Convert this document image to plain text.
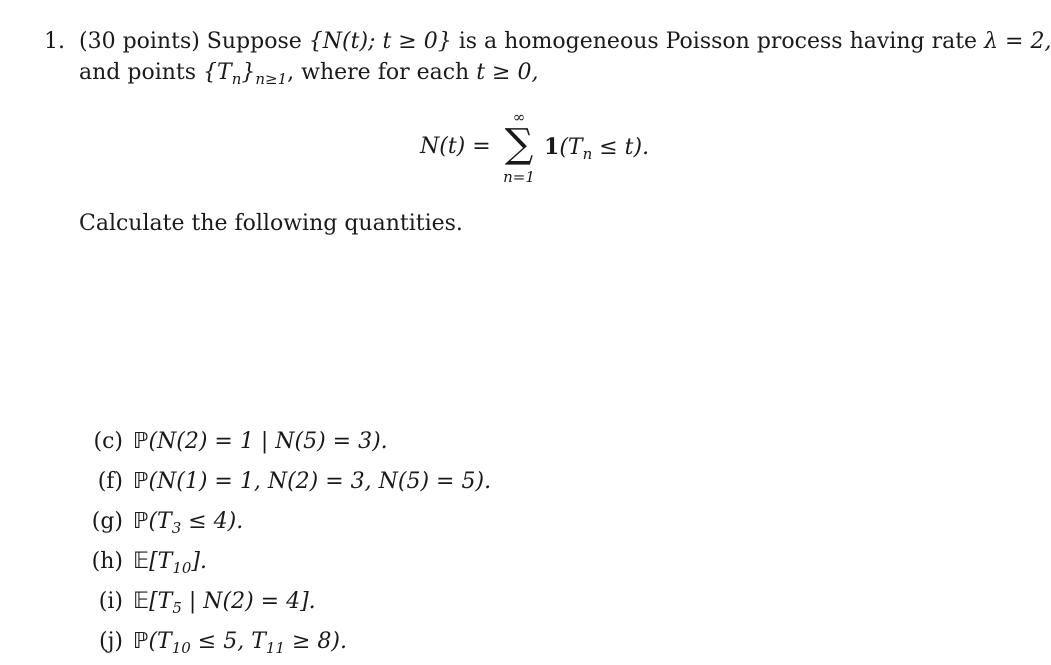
1. (30 points) Suppose {N(t); t ≥ 0} is a homogeneous Poisson process having rate λ = 2,
and points $\{T_n\}_{n\ge 1}$, where for each t ≥ 0,
N(t) =
∞
∑
n=1
$1(T_n \le t)$.
Calculate the following quantities.
(c) ℙ(N(2) = 1 | N(5) = 3).
(f) ℙ(N(1) = 1, N(2) = 3, N(5) = 5).
(g) $ℙ(T_3 \le 4)$.
(h) $𝔼[T_{10}]$.
(i) $𝔼[T_5$ | N(2) = 4].
(j) $ℙ(T_{10} \le 5$, $T_{11} \ge 8$).
